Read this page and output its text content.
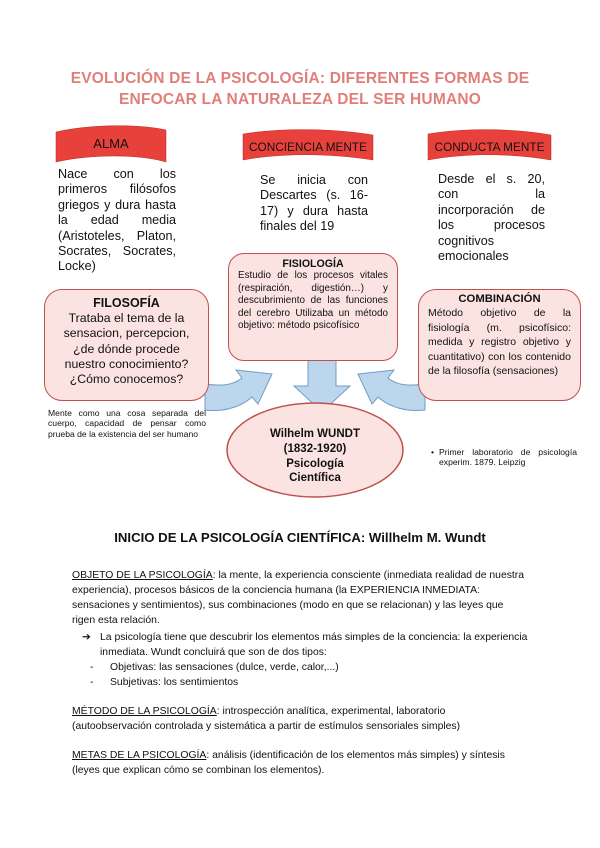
EVOLUCIÓN DE LA PSICOLOGÍA: DIFERENTES FORMAS DE
ENFOCAR LA NATURALEZA DEL SER HUMANO
ALMA	CONCIENCIA MENTE	CONDUCTA MENTE
Nace con los primeros filósofos griegos y dura hasta la edad media (Aristoteles, Platon, Socrates, Socrates, Locke)
Se inicia con Descartes (s. 16-17) y dura hasta finales del 19
Desde el s. 20, con la incorporación de los procesos cognitivos emocionales
FISIOLOGÍA
Estudio de los procesos vitales (respiración, digestión…) y descubrimiento de las funciones del cerebro Utilizaba un método objetivo: método psicofísico
FILOSOFÍA
Trataba el tema de la sensacion, percepcion, ¿de dónde procede nuestro conocimiento? ¿Cómo conocemos?
COMBINACIÓN
Método objetivo de la fisiología (m. psicofísico: medida y registro objetivo y cuantitativo) con los contenido de la filosofía (sensaciones)
Mente como una cosa separada del cuerpo, capacidad de pensar como prueba de la existencia del ser humano
• Primer laboratorio de psicología experim. 1879. Leipzig
Wilhelm WUNDT
(1832-1920)
Psicología
Científica
INICIO DE LA PSICOLOGÍA CIENTÍFICA: Willhelm M. Wundt
OBJETO DE LA PSICOLOGÍA: la mente, la experiencia consciente (inmediata realidad de nuestra experiencia), procesos básicos de la conciencia humana (la EXPERIENCIA INMEDIATA: sensaciones y sentimientos), sus combinaciones (modo en que se relacionan) y las leyes que rigen esta relación.
➔ La psicología tiene que descubrir los elementos más simples de la conciencia: la experiencia inmediata. Wundt concluirá que son de dos tipos:
- Objetivas: las sensaciones (dulce, verde, calor,...)
- Subjetivas: los sentimientos
MÉTODO DE LA PSICOLOGÍA: introspección analítica, experimental, laboratorio (autoobservación controlada y sistemática a partir de estímulos sensoriales simples)
METAS DE LA PSICOLOGÍA: análisis (identificación de los elementos más simples) y síntesis (leyes que explican cómo se combinan los elementos).
